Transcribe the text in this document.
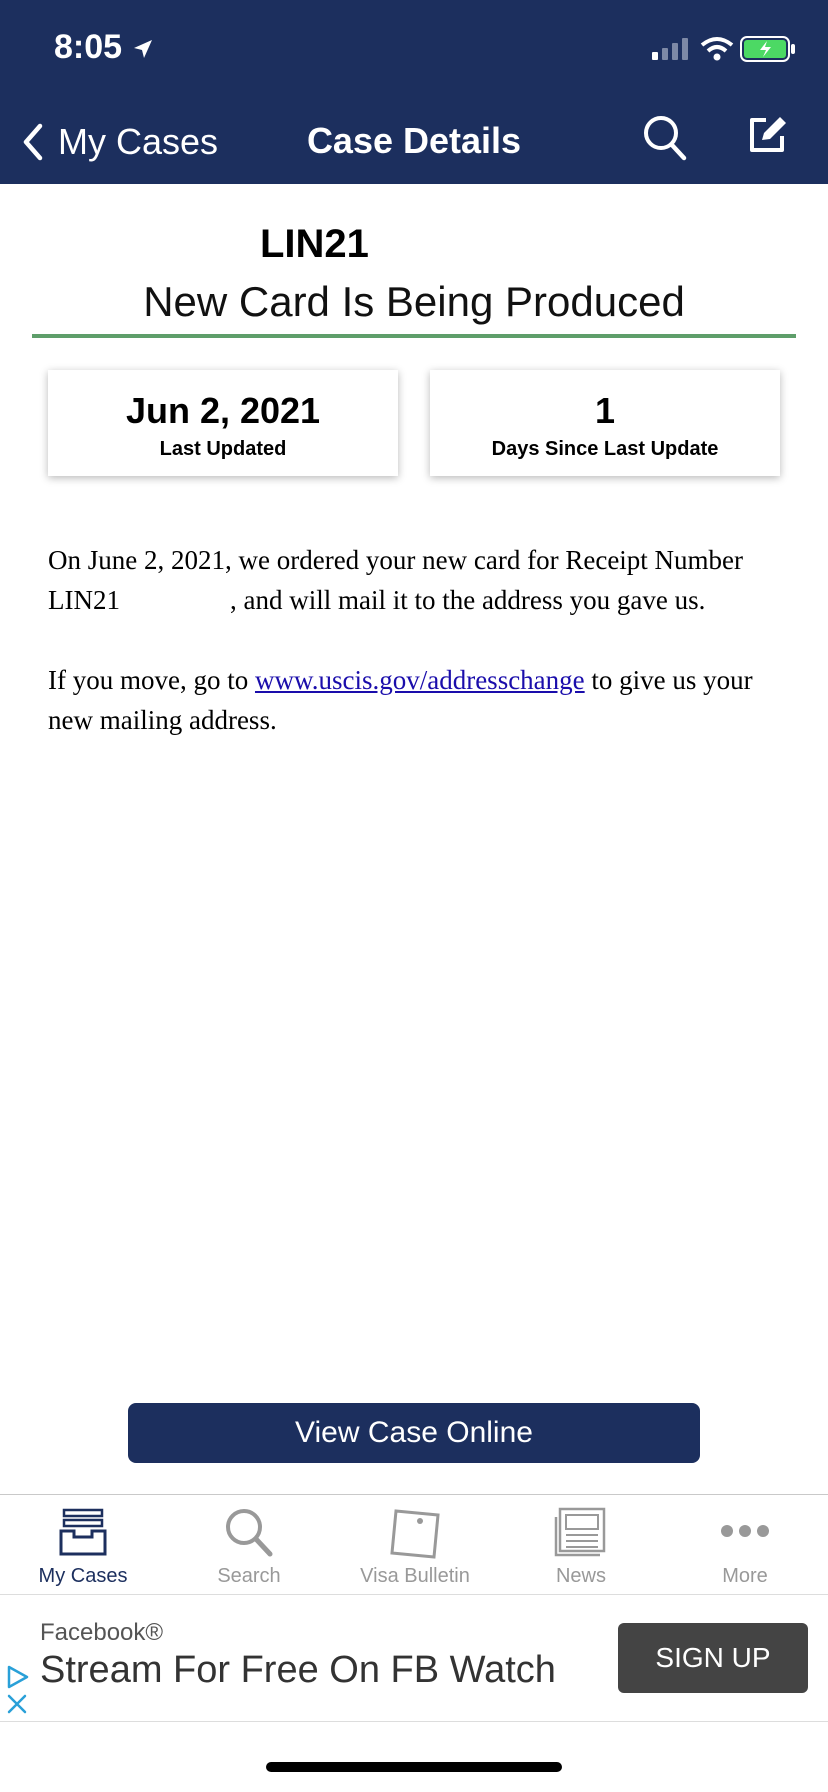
8:05
My Cases	Case Details
LIN21
New Card Is Being Produced
Jun 2, 2021
Last Updated
1
Days Since Last Update

On June 2, 2021, we ordered your new card for Receipt Number LIN21	, and will mail it to the address you gave us.

If you move, go to www.uscis.gov/addresschange to give us your new mailing address.

View Case Online
My Cases	Search	Visa Bulletin	News	More
Facebook®
Stream For Free On FB Watch	SIGN UP
